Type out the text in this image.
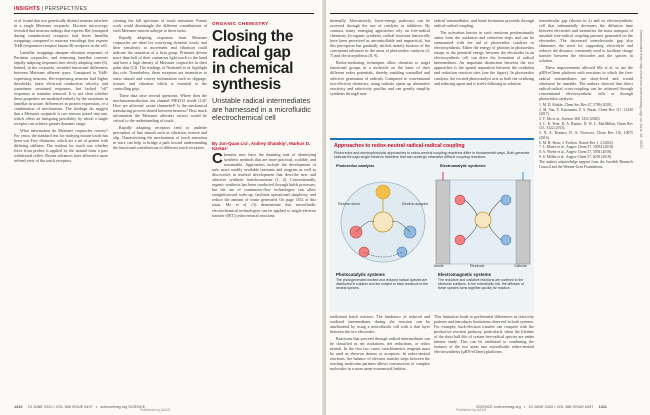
INSIGHTS | PERSPECTIVES

et al. found that two genetically distinct neurons interfere in a single Meissner corpuscle. Electron microscopy revealed that neurons endings that express Ret (encapsed during transduction) receptors had fewer lamellar wrappings compared to neurons encodings that express TrkB (responsive receptor kinase B) receptors in the cell.

Lamellar wrappings dampen vibration responses of Pacinian corpuscles, and removing lamellae converts rapidly adapting responses into slowly adapting ones (6). Indeed, in the corpuscle, revealed functional differences between Meissner afferent types. Compared to TrkB-expressing neurons, Ret-expressing neurons had higher thresholds, faster electrical conduction velocity, and sometimes sustained responses, but lacked "off" responses to stimulus removal. It is not clear whether these properties are mediated entirely by the variations in lamellar structure, differences in protein expression, or a combination of mechanisms. The findings do suggest that a Meissner corpuscle is two sensors joined into one, which offers an intriguing possibility by which a single receptor can achieve greater dynamic range.

What information do Meissner corpuscles convey? For years, the standard test for studying mouse touch has been von Frey filaments, which are a set of probes with differing stiffness. The readout for touch was whether force from probes is applied by the animal from a paw withdrawal reflex. Recent advances have allowed a more refined view of the touch receptors.

creating the full spectrum of touch sensation. Future work could disentangle the different contributions of each Meissner neuron subtype to these tasks.

Rapidly adapting responses from Meissner corpuscles are ideal for conveying dynamic touch, and their sensitivity to movement and vibration could indicate the sensation of a firm grasp. Primates devote more than half of their cutaneous light touch to the hand and have a high density of Meissner corpuscles in their palm skin (13). The findings of Neubarth et al. highlight this role. Nonetheless, these receptors are insensitive to static stimuli and convey information such as slippage, texture, and vibration which is essential to the controlling grip.

These data raise several questions. Where does the mechanotransduction ion channel PIEZO2 reside (14)? How are afferents' axons channeled? Is the mechanical transducing process shared between neurons? How much information the Meissner afferents extract would be critical to the understanding of touch.

Rapidly adapting receptors tend to underlie perception of fine stimuli such as vibration, texture and slip. Characterizing the mechanisms of touch sensation in mice can help to bridge a path toward understanding the functional contributions of different touch receptors.

ORGANIC CHEMISTRY
Closing the
radical gap
in chemical
synthesis
Unstable radical intermediates are harnessed in a microfluidic electrochemical cell
By Jun-Quan Liu¹, Andrey Shatskiy¹, Markus D. Kärkäs¹

Chemists now have the daunting task of identifying synthetic methods that are more practical, scalable, and sustainable. Approaches include the development of safe, more readily available reactants and reagents as well as discoveries in method development that describe new and selective synthetic transformations (1, 2). Conventionally, organic synthesis has been conducted through batch processes, but the use of continuous-flow technologies can allow straightforward scale-up, facilitate operational simplicity, and reduce the amount of waste generated. On page 1352 of this issue, Mo et al. (3) demonstrate that microfluidic electrochemical technologies can be applied to single-electron transfer (SET) redox-neutral reactions.

1310 19 JUNE 2020 • VOL 368 ISSUE 6497   •   sciencemag.org SCIENCE
Published by AAAS

thermally. Alternatively, lower-energy pathways can be accessed through the use of catalysts or additives. By contrast, many emerging approaches rely on free-radical chemistry. In organic synthesis, radical reactions historically have been perceived as uncontrollable and impractical, but this perception has gradually shifted, mainly because of the conceptual advances in the areas of photoredox catalysis (4, 7) and electrosynthesis (8, 9).

Redox-mediating techniques allow chemists to target functional groups in a molecule on the basis of their different redox potentials, thereby enabling controlled and selective generation of radicals. Compared to conventional two-electron chemistry, using radicals opens up alternative reactivity and selectivity profiles and can greatly simplify synthesis through non-

radical intermediates, and bond formation proceeds through radical-radical coupling.

The activation barrier in such reactions predominantly stems from the oxidation and reduction steps and can be surmounted with the aid of photoredox catalysts or electrosynthesis. Either the energy of photons in photoredox setups or the potential energy between the electrodes in an electrosynthetic cell can drive the formation of radical intermediates. An important distinction between the two approaches is the spatial separation between the oxidation and reduction reaction sites (see the figure). In photoredox catalysis, the excited photocatalyst acts as both the oxidizing and reducing agent and is freely diffusing in solution.

Approaches to redox-neutral radical-radical coupling
Photoredox and electrophotolytic approaches to redox-neutral coupling reactions differ in fundamental ways. Both generate radicals through single electron transfers that can undergo otherwise difficult coupling reactions.
Photoredox catalysis	Electroanalytic synthesis
Electron donor	Electron acceptor
Anode	Cathode
Electrode
Photocatalytic systems
The photogenerated excited and reduced radical species are distributed in solution and are subject to back reactions to the neutral species.
Electromagnetic systems
The reductive and oxidative reactions are confined to the electrode surfaces. In the microfluidic cell, the diffusion of these species turns together quickly for reaction.

traditional batch reactors. The hindrance of reduced and oxidized intermediates during the reaction can be ameliorated by using a microfluidic cell with a thin layer between the two electrodes.

Reactions that proceed through radical intermediates can be classified as net oxidations, net reductions, or redox neutral. In the first two cases, stoichiometric reagents must be used as electron donors or acceptors. In redox-neutral reactions, the balance of electron transfer steps between the reacting molecular partners allows construction of complex molecules in a more atom-economical fashion.

This limitation leads to preferential differences in reactivity patterns and introduces limitations observed in both systems. For example, back-electron transfer can compete with the productive reaction pathway, particularly when the lifetime of the short half-life of certain free-radical species are under intense study. This can be attributed to combining the features of the two areas into microfluidic redox-neutral electrosynthesis (µRN-eChem) platforms.

termolecular gap (shown in 2) and its electrosynthetic cell that substantially decreases the diffusion time between electrodes and intensifies the mass transport of unstable free-radical coupling partners generated on the electrodes. The decreased interelectrode gap also eliminates the need for supporting electrolyte and reduces the distance, commonly used to facilitate charge transfer between the electrodes and the species in solution.

These improvements allowed Mo et al. to use the µRN-eChem platform with reactions in which the free-radical intermediates are short-lived and would otherwise be unstable. The authors showed that direct radical-radical cross-coupling can be achieved through conventional electrosynthetic cells or through photoredox catalysis.

1. M. D. Kärkäs, Chem Soc Rev 47, 5786 (2018).

2. M. Yan, Y. Kawamata, P. S. Baran, Chem Rev 117, 13230 (2017).

3. Y. Mo et al., Science 368, 1352 (2020).

4. C. K. Prier, D. A. Rankic, D. W. C. MacMillan, Chem Rev 113, 5322 (2013).

5. N. A. Romero, D. A. Nicewicz, Chem Rev 116, 10075 (2016).

6. M. H. Shaw, J. Twilton, Nature Rev 1, 4 (2016).

7. L. Marzo et al., Angew Chem 57, 10034 (2018).

8. A. Wiebe et al., Angew Chem 57, 5594 (2018).

9. S. Möhle et al., Angew Chem 57, 6018 (2018).

The authors acknowledge support from the Swedish Research Council and the Wenner-Gren Foundations.

Downloaded from http://science.sciencemag.org/ on June 18, 2020
SCIENCE sciencemag.org   •   19 JUNE 2020 • VOL 368 ISSUE 6497 1311
Published by AAAS
